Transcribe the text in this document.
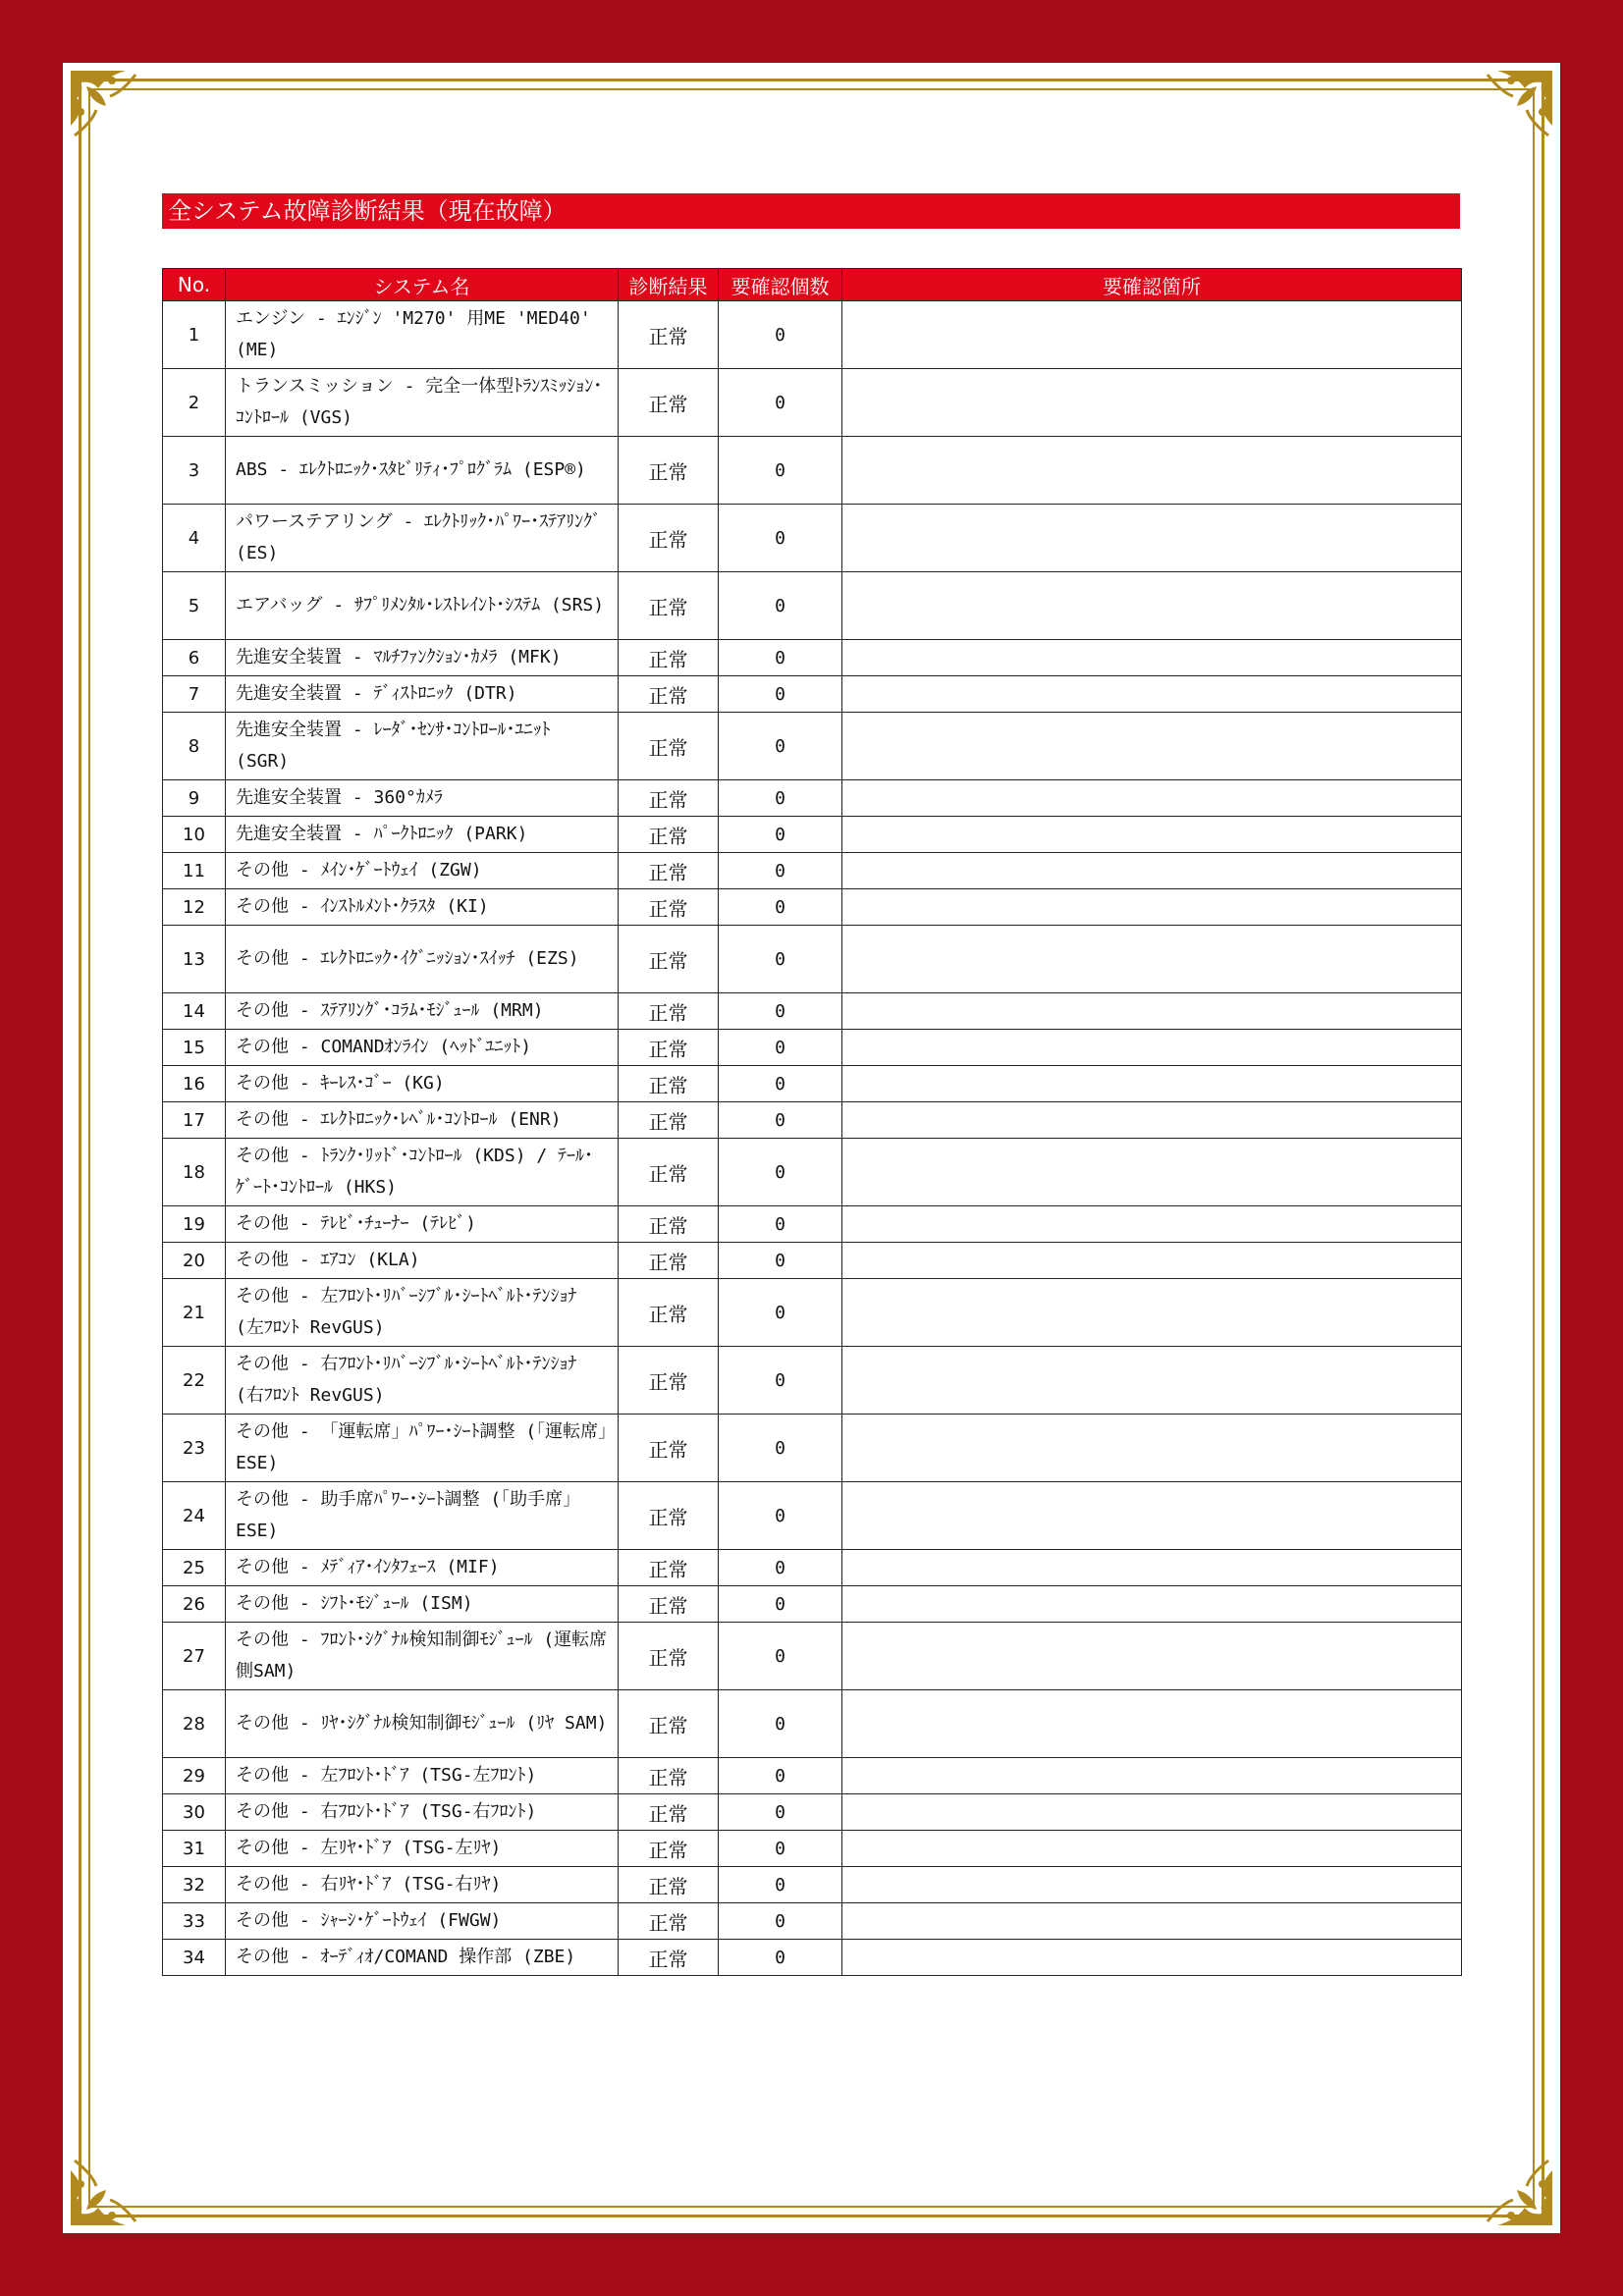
全システム故障診断結果（現在故障）
No.	システム名	診断結果	要確認個数	要確認箇所
1	エンジン - ｴﾝｼﾞﾝ 'M270' 用ME 'MED40' (ME)	正常	0	
2	トランスミッション - 完全一体型ﾄﾗﾝｽﾐｯｼｮﾝ･ｺﾝﾄﾛｰﾙ (VGS)	正常	0	
3	ABS - ｴﾚｸﾄﾛﾆｯｸ･ｽﾀﾋﾞﾘﾃｨ･ﾌﾟﾛｸﾞﾗﾑ (ESP®)	正常	0	
4	パワーステアリング - ｴﾚｸﾄﾘｯｸ･ﾊﾟﾜｰ･ｽﾃｱﾘﾝｸﾞ (ES)	正常	0	
5	エアバッグ - ｻﾌﾟﾘﾒﾝﾀﾙ･ﾚｽﾄﾚｲﾝﾄ･ｼｽﾃﾑ (SRS)	正常	0	
6	先進安全装置 - ﾏﾙﾁﾌｧﾝｸｼｮﾝ･ｶﾒﾗ (MFK)	正常	0	
7	先進安全装置 - ﾃﾞｨｽﾄﾛﾆｯｸ (DTR)	正常	0	
8	先進安全装置 - ﾚｰﾀﾞ･ｾﾝｻ･ｺﾝﾄﾛｰﾙ･ﾕﾆｯﾄ (SGR)	正常	0	
9	先進安全装置 - 360°ｶﾒﾗ	正常	0	
10	先進安全装置 - ﾊﾟｰｸﾄﾛﾆｯｸ (PARK)	正常	0	
11	その他 - ﾒｲﾝ･ｹﾞｰﾄｳｪｲ (ZGW)	正常	0	
12	その他 - ｲﾝｽﾄﾙﾒﾝﾄ･ｸﾗｽﾀ (KI)	正常	0	
13	その他 - ｴﾚｸﾄﾛﾆｯｸ･ｲｸﾞﾆｯｼｮﾝ･ｽｲｯﾁ (EZS)	正常	0	
14	その他 - ｽﾃｱﾘﾝｸﾞ･ｺﾗﾑ･ﾓｼﾞｭｰﾙ (MRM)	正常	0	
15	その他 - COMANDｵﾝﾗｲﾝ (ﾍｯﾄﾞﾕﾆｯﾄ)	正常	0	
16	その他 - ｷｰﾚｽ･ｺﾞｰ (KG)	正常	0	
17	その他 - ｴﾚｸﾄﾛﾆｯｸ･ﾚﾍﾞﾙ･ｺﾝﾄﾛｰﾙ (ENR)	正常	0	
18	その他 - ﾄﾗﾝｸ･ﾘｯﾄﾞ･ｺﾝﾄﾛｰﾙ (KDS) / ﾃｰﾙ･ｹﾞｰﾄ･ｺﾝﾄﾛｰﾙ (HKS)	正常	0	
19	その他 - ﾃﾚﾋﾞ･ﾁｭｰﾅｰ (ﾃﾚﾋﾞ)	正常	0	
20	その他 - ｴｱｺﾝ (KLA)	正常	0	
21	その他 - 左ﾌﾛﾝﾄ･ﾘﾊﾞｰｼﾌﾞﾙ･ｼｰﾄﾍﾞﾙﾄ･ﾃﾝｼｮﾅ (左ﾌﾛﾝﾄ RevGUS)	正常	0	
22	その他 - 右ﾌﾛﾝﾄ･ﾘﾊﾞｰｼﾌﾞﾙ･ｼｰﾄﾍﾞﾙﾄ･ﾃﾝｼｮﾅ (右ﾌﾛﾝﾄ RevGUS)	正常	0	
23	その他 - 「運転席」ﾊﾟﾜｰ･ｼｰﾄ調整 (「運転席」ESE)	正常	0	
24	その他 - 助手席ﾊﾟﾜｰ･ｼｰﾄ調整 (「助手席」ESE)	正常	0	
25	その他 - ﾒﾃﾞｨｱ･ｲﾝﾀﾌｪｰｽ (MIF)	正常	0	
26	その他 - ｼﾌﾄ･ﾓｼﾞｭｰﾙ (ISM)	正常	0	
27	その他 - ﾌﾛﾝﾄ･ｼｸﾞﾅﾙ検知制御ﾓｼﾞｭｰﾙ (運転席側SAM)	正常	0	
28	その他 - ﾘﾔ･ｼｸﾞﾅﾙ検知制御ﾓｼﾞｭｰﾙ (ﾘﾔ SAM)	正常	0	
29	その他 - 左ﾌﾛﾝﾄ･ﾄﾞｱ (TSG-左ﾌﾛﾝﾄ)	正常	0	
30	その他 - 右ﾌﾛﾝﾄ･ﾄﾞｱ (TSG-右ﾌﾛﾝﾄ)	正常	0	
31	その他 - 左ﾘﾔ･ﾄﾞｱ (TSG-左ﾘﾔ)	正常	0	
32	その他 - 右ﾘﾔ･ﾄﾞｱ (TSG-右ﾘﾔ)	正常	0	
33	その他 - ｼｬｰｼ･ｹﾞｰﾄｳｪｲ (FWGW)	正常	0	
34	その他 - ｵｰﾃﾞｨｵ/COMAND 操作部 (ZBE)	正常	0	
